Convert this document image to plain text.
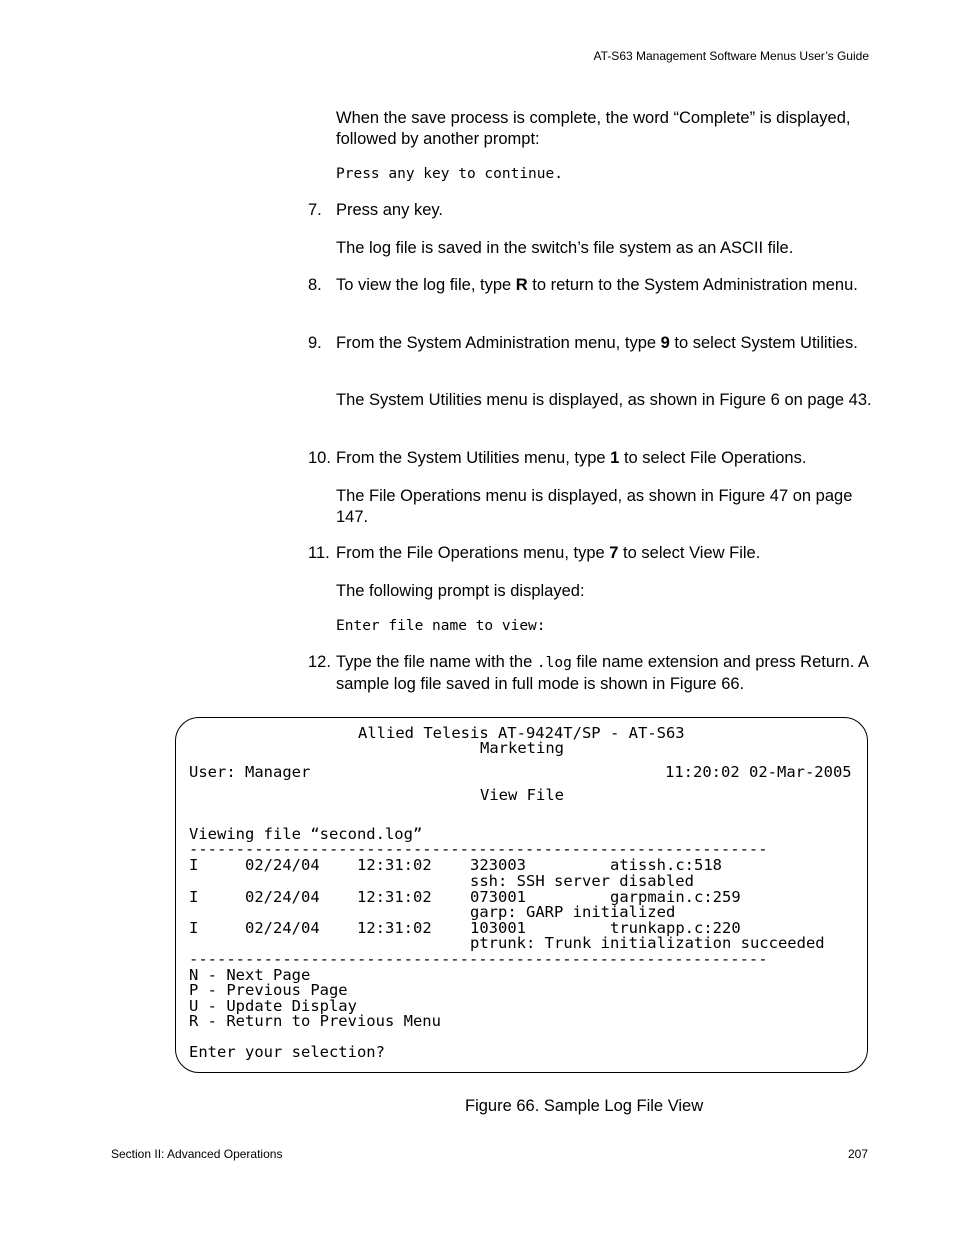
AT-S63 Management Software Menus User’s Guide
When the save process is complete, the word “Complete” is displayed, followed by another prompt:
Press any key to continue.
7. Press any key.
The log file is saved in the switch’s file system as an ASCII file.
8. To view the log file, type R to return to the System Administration menu.
9. From the System Administration menu, type 9 to select System Utilities.
The System Utilities menu is displayed, as shown in Figure 6 on page 43.
10. From the System Utilities menu, type 1 to select File Operations.
The File Operations menu is displayed, as shown in Figure 47 on page 147.
11. From the File Operations menu, type 7 to select View File.
The following prompt is displayed:
Enter file name to view:
12. Type the file name with the .log file name extension and press Return. A sample log file saved in full mode is shown in Figure 66.
Allied Telesis AT-9424T/SP - AT-S63
Marketing
User: Manager	11:20:02 02-Mar-2005
View File
Viewing file “second.log”
--------------------------------------------------------------
I	02/24/04 12:31:02 323003	atissh.c:518
ssh: SSH server disabled
I	02/24/04 12:31:02 073001	garpmain.c:259
garp: GARP initialized
I	02/24/04 12:31:02 103001	trunkapp.c:220
ptrunk: Trunk initialization succeeded
--------------------------------------------------------------
N - Next Page
P - Previous Page
U - Update Display
R - Return to Previous Menu
Enter your selection?
Figure 66. Sample Log File View
Section II: Advanced Operations	207
